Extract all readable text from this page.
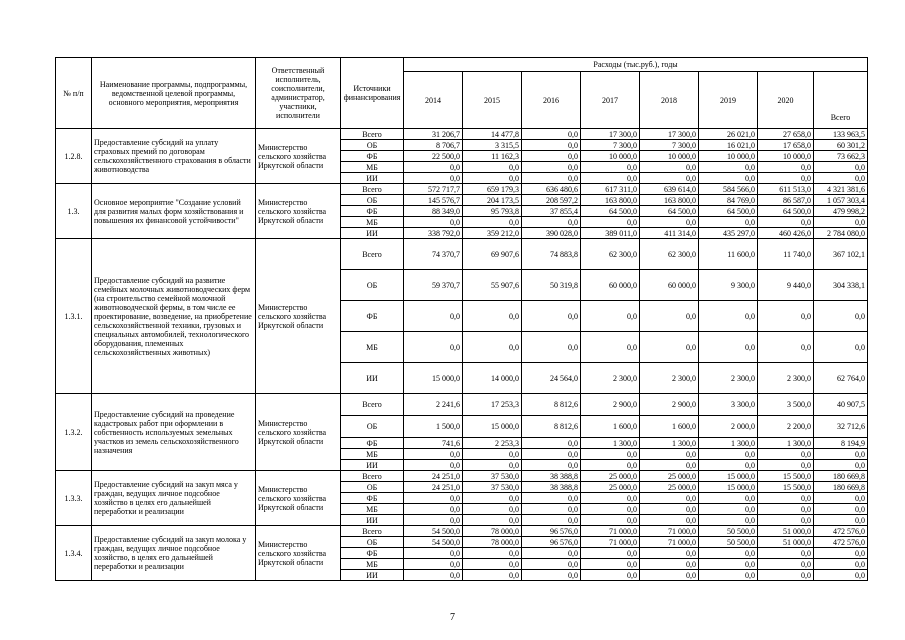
№ п/п	Наименование программы, подпрограммы, ведомственной целевой программы, основного мероприятия, мероприятия	Ответственный исполнитель, соисполнители, администратор, участники, исполнители	Источники финансирования	Расходы (тыс.руб.), годы							
				2014	2015	2016	2017	2018	2019	2020	Всего
1.2.8.	Предоставление субсидий на уплату страховых премий по договорам сельскохозяйственного страхования в области животноводства	Министерство сельского хозяйства Иркутской области	Всего	31 206,7	14 477,8	0,0	17 300,0	17 300,0	26 021,0	27 658,0	133 963,5
			ОБ	8 706,7	3 315,5	0,0	7 300,0	7 300,0	16 021,0	17 658,0	60 301,2
			ФБ	22 500,0	11 162,3	0,0	10 000,0	10 000,0	10 000,0	10 000,0	73 662,3
			МБ	0,0	0,0	0,0	0,0	0,0	0,0	0,0	0,0
			ИИ	0,0	0,0	0,0	0,0	0,0	0,0	0,0	0,0
1.3.	Основное мероприятие "Создание условий для развития малых форм хозяйствования и повышения их финансовой устойчивости"	Министерство сельского хозяйства Иркутской области	Всего	572 717,7	659 179,3	636 480,6	617 311,0	639 614,0	584 566,0	611 513,0	4 321 381,6
			ОБ	145 576,7	204 173,5	208 597,2	163 800,0	163 800,0	84 769,0	86 587,0	1 057 303,4
			ФБ	88 349,0	95 793,8	37 855,4	64 500,0	64 500,0	64 500,0	64 500,0	479 998,2
			МБ	0,0	0,0	0,0	0,0	0,0	0,0	0,0	0,0
			ИИ	338 792,0	359 212,0	390 028,0	389 011,0	411 314,0	435 297,0	460 426,0	2 784 080,0
1.3.1.	Предоставление субсидий на развитие семейных молочных животноводческих ферм (на строительство семейной молочной животноводческой фермы, в том числе ее проектирование, возведение, на приобретение сельскохозяйственной техники, грузовых и специальных автомобилей, технологического оборудования, племенных сельскохозяйственных животных)	Министерство сельского хозяйства Иркутской области	Всего	74 370,7	69 907,6	74 883,8	62 300,0	62 300,0	11 600,0	11 740,0	367 102,1
			ОБ	59 370,7	55 907,6	50 319,8	60 000,0	60 000,0	9 300,0	9 440,0	304 338,1
			ФБ	0,0	0,0	0,0	0,0	0,0	0,0	0,0	0,0
			МБ	0,0	0,0	0,0	0,0	0,0	0,0	0,0	0,0
			ИИ	15 000,0	14 000,0	24 564,0	2 300,0	2 300,0	2 300,0	2 300,0	62 764,0
1.3.2.	Предоставление субсидий на проведение кадастровых работ при оформлении в собственность используемых земельных участков из земель сельскохозяйственного назначения	Министерство сельского хозяйства Иркутской области	Всего	2 241,6	17 253,3	8 812,6	2 900,0	2 900,0	3 300,0	3 500,0	40 907,5
			ОБ	1 500,0	15 000,0	8 812,6	1 600,0	1 600,0	2 000,0	2 200,0	32 712,6
			ФБ	741,6	2 253,3	0,0	1 300,0	1 300,0	1 300,0	1 300,0	8 194,9
			МБ	0,0	0,0	0,0	0,0	0,0	0,0	0,0	0,0
			ИИ	0,0	0,0	0,0	0,0	0,0	0,0	0,0	0,0
1.3.3.	Предоставление субсидий на закуп мяса у граждан, ведущих личное подсобное хозяйство в целях его дальнейшей переработки и реализации	Министерство сельского хозяйства Иркутской области	Всего	24 251,0	37 530,0	38 388,8	25 000,0	25 000,0	15 000,0	15 500,0	180 669,8
			ОБ	24 251,0	37 530,0	38 388,8	25 000,0	25 000,0	15 000,0	15 500,0	180 669,8
			ФБ	0,0	0,0	0,0	0,0	0,0	0,0	0,0	0,0
			МБ	0,0	0,0	0,0	0,0	0,0	0,0	0,0	0,0
			ИИ	0,0	0,0	0,0	0,0	0,0	0,0	0,0	0,0
1.3.4.	Предоставление субсидий на закуп молока у граждан, ведущих личное подсобное хозяйство, в целях его дальнейшей переработки и реализации	Министерство сельского хозяйства Иркутской области	Всего	54 500,0	78 000,0	96 576,0	71 000,0	71 000,0	50 500,0	51 000,0	472 576,0
			ОБ	54 500,0	78 000,0	96 576,0	71 000,0	71 000,0	50 500,0	51 000,0	472 576,0
			ФБ	0,0	0,0	0,0	0,0	0,0	0,0	0,0	0,0
			МБ	0,0	0,0	0,0	0,0	0,0	0,0	0,0	0,0
			ИИ	0,0	0,0	0,0	0,0	0,0	0,0	0,0	0,0
7
